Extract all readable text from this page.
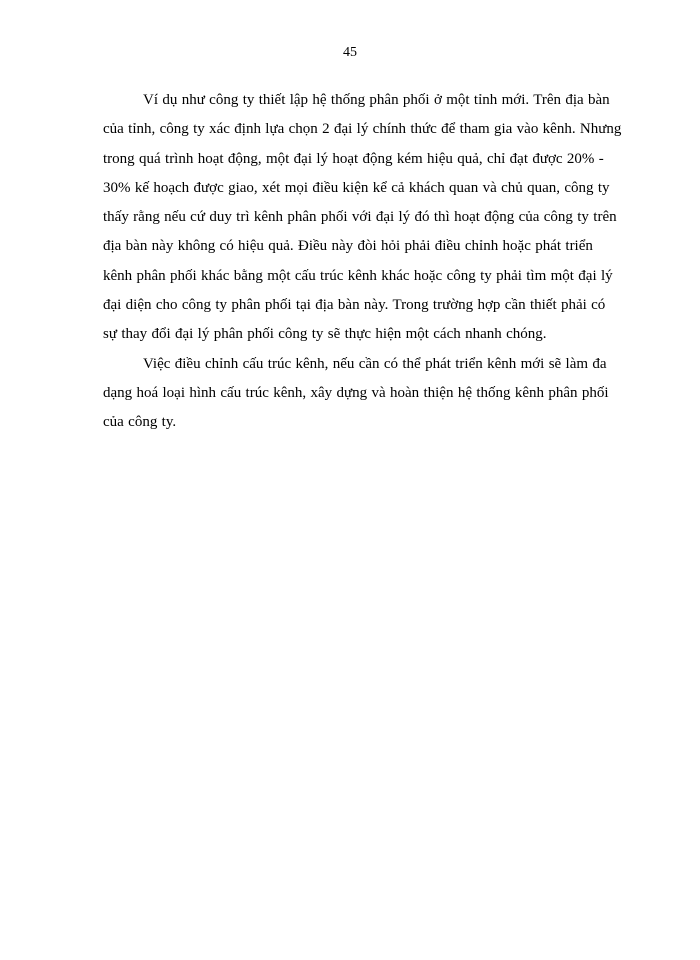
45
Ví dụ như công ty thiết lập hệ thống phân phối ở một tỉnh mới. Trên địa bàn
của tỉnh, công ty xác định lựa chọn 2 đại lý chính thức để tham gia vào kênh. Nhưng
trong quá trình hoạt động, một đại lý hoạt động kém hiệu quả, chỉ đạt được 20% -
30% kế hoạch được giao, xét mọi điều kiện kể cả khách quan và chủ quan, công ty
thấy rằng nếu cứ duy trì kênh phân phối với đại lý đó thì hoạt động của công ty trên
địa bàn này không có hiệu quả. Điều này đòi hỏi phải điều chỉnh hoặc phát triển
kênh phân phối khác bằng một cấu trúc kênh khác hoặc công ty phải tìm một đại lý
đại diện cho công ty phân phối tại địa bàn này. Trong trường hợp cần thiết phải có
sự thay đổi đại lý phân phối công ty sẽ thực hiện một cách nhanh chóng.
Việc điều chỉnh cấu trúc kênh, nếu cần có thể phát triển kênh mới sẽ làm đa
dạng hoá loại hình cấu trúc kênh, xây dựng và hoàn thiện hệ thống kênh phân phối
của công ty.
